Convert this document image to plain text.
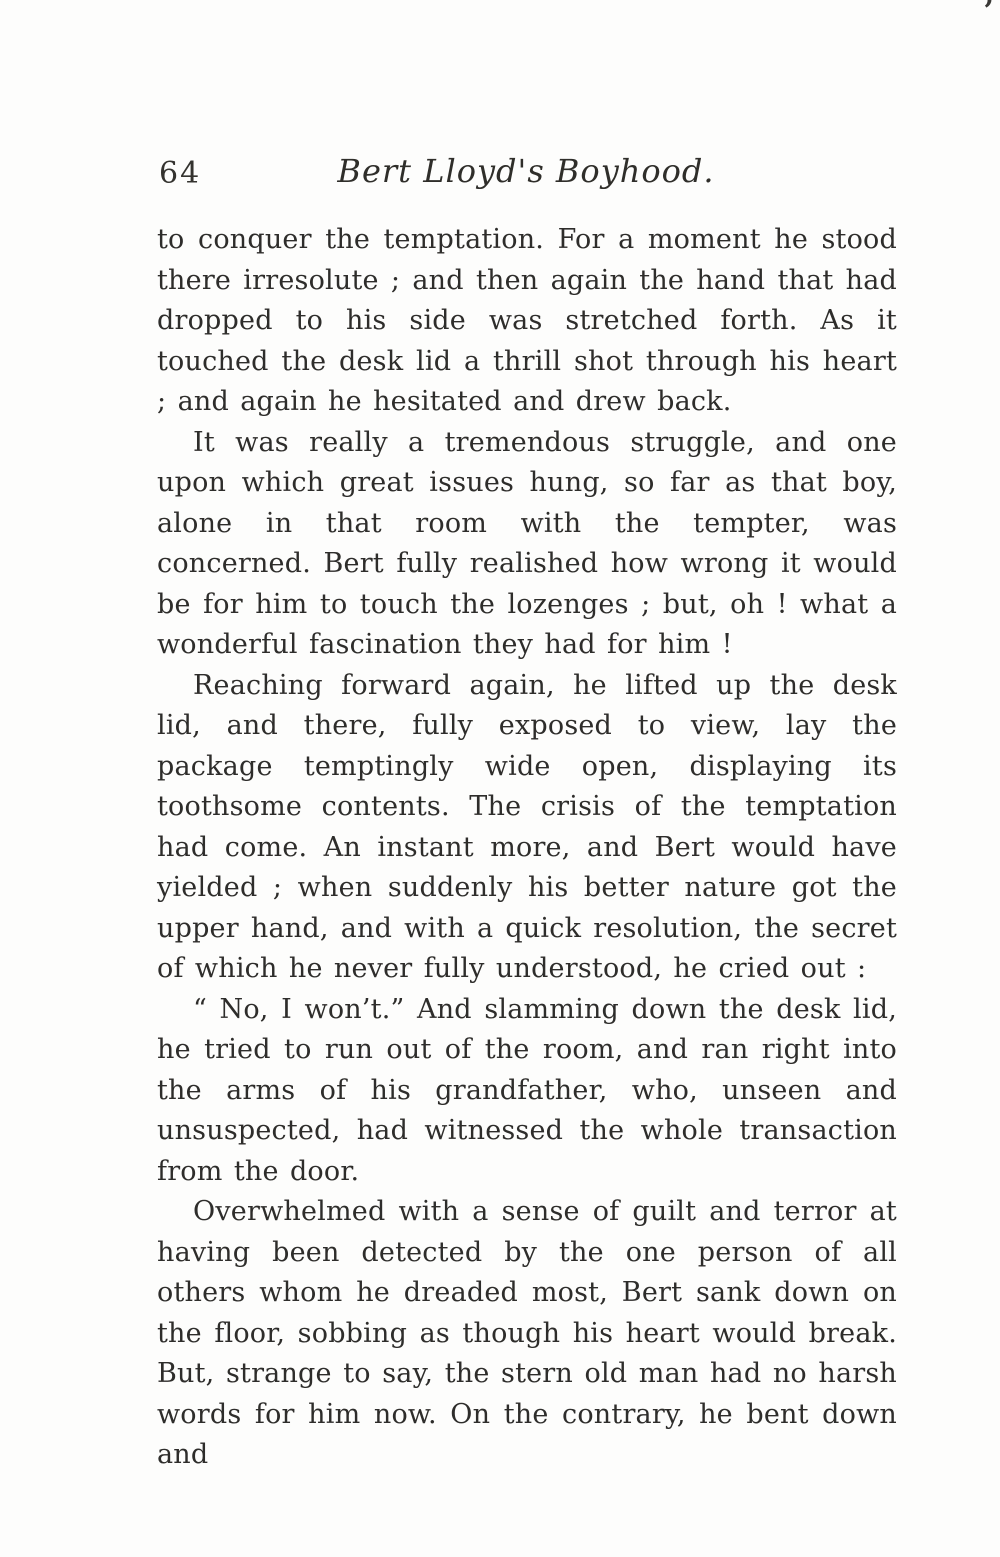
’
64	Bert Lloyd's Boyhood.

to conquer the temptation. For a moment he stood there irresolute ; and then again the hand that had dropped to his side was stretched forth. As it touched the desk lid a thrill shot through his heart ; and again he hesitated and drew back.

It was really a tremendous struggle, and one upon which great issues hung, so far as that boy, alone in that room with the tempter, was concerned. Bert fully realished how wrong it would be for him to touch the lozenges ; but, oh ! what a wonderful fascination they had for him !

Reaching forward again, he lifted up the desk lid, and there, fully exposed to view, lay the package temptingly wide open, displaying its toothsome contents. The crisis of the temptation had come. An instant more, and Bert would have yielded ; when suddenly his better nature got the upper hand, and with a quick resolution, the secret of which he never fully understood, he cried out :

“ No, I won’t.” And slamming down the desk lid, he tried to run out of the room, and ran right into the arms of his grandfather, who, unseen and unsuspected, had witnessed the whole transaction from the door.

Overwhelmed with a sense of guilt and terror at having been detected by the one person of all others whom he dreaded most, Bert sank down on the floor, sobbing as though his heart would break. But, strange to say, the stern old man had no harsh words for him now. On the contrary, he bent down and
